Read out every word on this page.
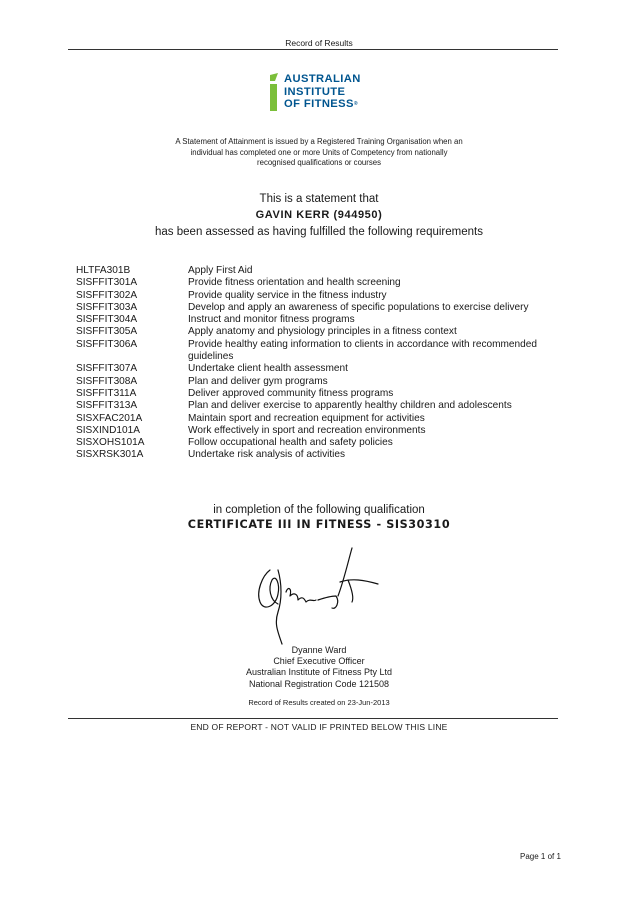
Record of Results
AUSTRALIAN
INSTITUTE
OF FITNESS®
A Statement of Attainment is issued by a Registered Training Organisation when an
individual has completed one or more Units of Competency from nationally
recognised qualifications or courses
This is a statement that
GAVIN KERR (944950)
has been assessed as having fulfilled the following requirements
HLTFA301B	Apply First Aid
SISFFIT301A	Provide fitness orientation and health screening
SISFFIT302A	Provide quality service in the fitness industry
SISFFIT303A	Develop and apply an awareness of specific populations to exercise delivery
SISFFIT304A	Instruct and monitor fitness programs
SISFFIT305A	Apply anatomy and physiology principles in a fitness context
SISFFIT306A	Provide healthy eating information to clients in accordance with recommended guidelines
SISFFIT307A	Undertake client health assessment
SISFFIT308A	Plan and deliver gym programs
SISFFIT311A	Deliver approved community fitness programs
SISFFIT313A	Plan and deliver exercise to apparently healthy children and adolescents
SISXFAC201A	Maintain sport and recreation equipment for activities
SISXIND101A	Work effectively in sport and recreation environments
SISXOHS101A	Follow occupational health and safety policies
SISXRSK301A	Undertake risk analysis of activities
in completion of the following qualification
CERTIFICATE III IN FITNESS - SIS30310
Dyanne Ward
Chief Executive Officer
Australian Institute of Fitness Pty Ltd
National Registration Code 121508
Record of Results created on 23-Jun-2013
END OF REPORT - NOT VALID IF PRINTED BELOW THIS LINE
Page 1 of 1
